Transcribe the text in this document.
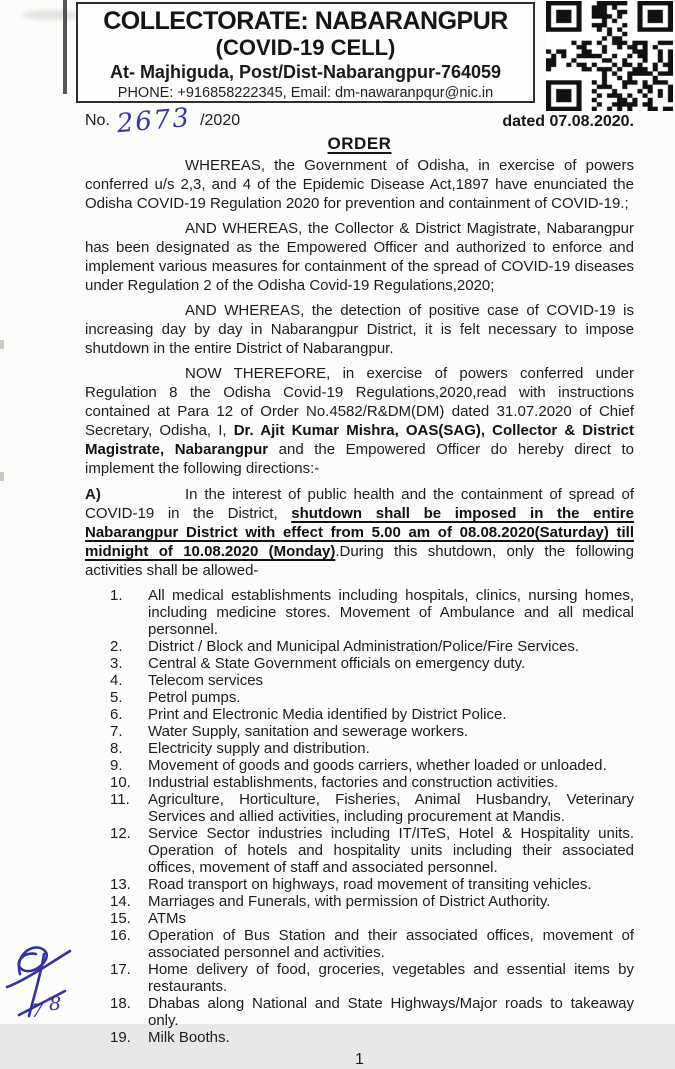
COLLECTORATE: NABARANGPUR
(COVID-19 CELL)
At- Majhiguda, Post/Dist-Nabarangpur-764059
PHONE: +916858222345, Email: dm-nawaranpqur@nic.in
No. 2673 /2020	dated 07.08.2020.
ORDER
WHEREAS, the Government of Odisha, in exercise of powers conferred u/s 2,3, and 4 of the Epidemic Disease Act,1897 have enunciated the Odisha COVID-19 Regulation 2020 for prevention and containment of COVID-19.;
AND WHEREAS, the Collector & District Magistrate, Nabarangpur has been designated as the Empowered Officer and authorized to enforce and implement various measures for containment of the spread of COVID-19 diseases under Regulation 2 of the Odisha Covid-19 Regulations,2020;
AND WHEREAS, the detection of positive case of COVID-19 is increasing day by day in Nabarangpur District, it is felt necessary to impose shutdown in the entire District of Nabarangpur.
NOW THEREFORE, in exercise of powers conferred under Regulation 8 the Odisha Covid-19 Regulations,2020,read with instructions contained at Para 12 of Order No.4582/R&DM(DM) dated 31.07.2020 of Chief Secretary, Odisha, I, Dr. Ajit Kumar Mishra, OAS(SAG), Collector & District Magistrate, Nabarangpur and the Empowered Officer do hereby direct to implement the following directions:-
A)	In the interest of public health and the containment of spread of COVID-19 in the District, shutdown shall be imposed in the entire Nabarangpur District with effect from 5.00 am of 08.08.2020(Saturday) till midnight of 10.08.2020 (Monday).During this shutdown, only the following activities shall be allowed-
1.	All medical establishments including hospitals, clinics, nursing homes, including medicine stores. Movement of Ambulance and all medical personnel.
2.	District / Block and Municipal Administration/Police/Fire Services.
3.	Central & State Government officials on emergency duty.
4.	Telecom services
5.	Petrol pumps.
6.	Print and Electronic Media identified by District Police.
7.	Water Supply, sanitation and sewerage workers.
8.	Electricity supply and distribution.
9.	Movement of goods and goods carriers, whether loaded or unloaded.
10.	Industrial establishments, factories and construction activities.
11.	Agriculture, Horticulture, Fisheries, Animal Husbandry, Veterinary Services and allied activities, including procurement at Mandis.
12.	Service Sector industries including IT/ITeS, Hotel & Hospitality units. Operation of hotels and hospitality units including their associated offices, movement of staff and associated personnel.
13.	Road transport on highways, road movement of transiting vehicles.
14.	Marriages and Funerals, with permission of District Authority.
15.	ATMs
16.	Operation of Bus Station and their associated offices, movement of associated personnel and activities.
17.	Home delivery of food, groceries, vegetables and essential items by restaurants.
18.	Dhabas along National and State Highways/Major roads to takeaway only.
19.	Milk Booths.
1
7 8
